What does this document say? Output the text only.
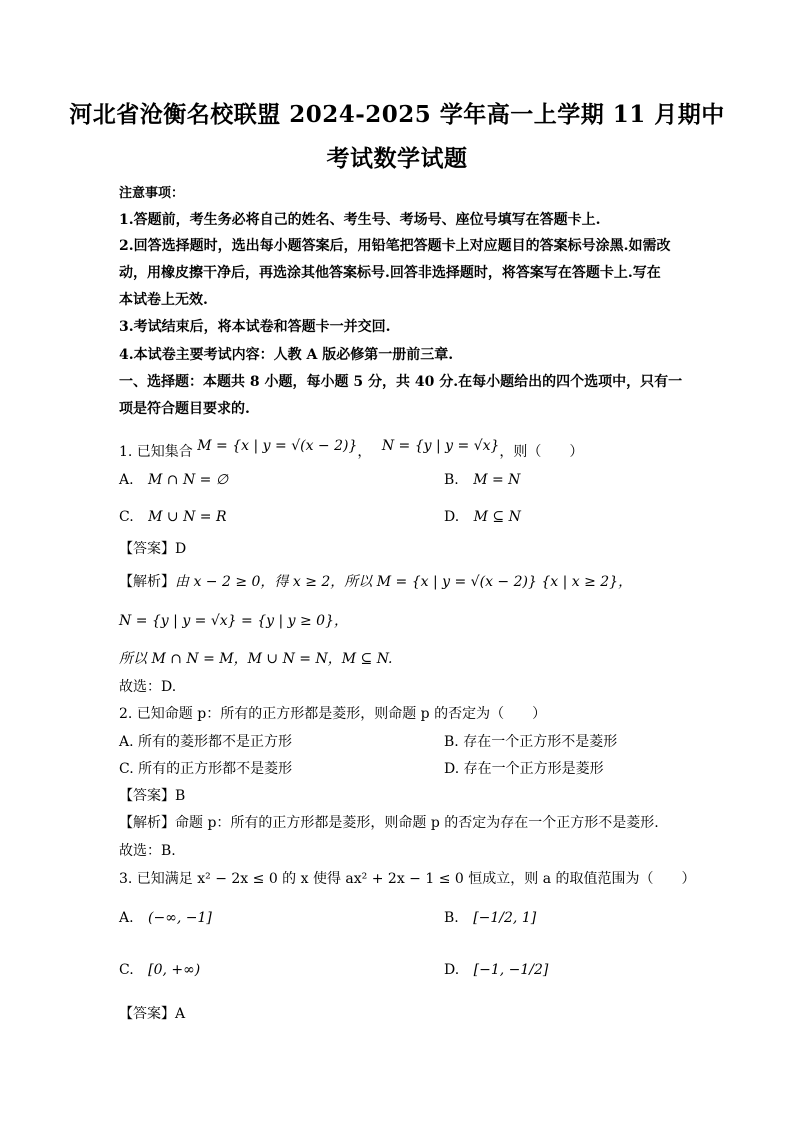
河北省沧衡名校联盟 2024-2025 学年高一上学期 11 月期中
考试数学试题
注意事项：
1.答题前，考生务必将自己的姓名、考生号、考场号、座位号填写在答题卡上.
2.回答选择题时，选出每小题答案后，用铅笔把答题卡上对应题目的答案标号涂黑.如需改
动，用橡皮擦干净后，再选涂其他答案标号.回答非选择题时，将答案写在答题卡上.写在
本试卷上无效.
3.考试结束后，将本试卷和答题卡一并交回.
4.本试卷主要考试内容：人教 A 版必修第一册前三章.
一、选择题：本题共 8 小题，每小题 5 分，共 40 分.在每小题给出的四个选项中，只有一
项是符合题目要求的.
1. 已知集合 M = {x | y = √(x − 2)}， N = {y | y = √x}，则（　　）
A. M ∩ N = ∅	B. M = N
C. M ∪ N = R	D. M ⊆ N
【答案】D
【解析】由 x − 2 ≥ 0，得 x ≥ 2，所以 M = {x | y = √(x − 2)} {x | x ≥ 2}，
N = {y | y = √x} = {y | y ≥ 0}，
所以 M ∩ N = M，M ∪ N = N，M ⊆ N.
故选：D.
2. 已知命题 p：所有的正方形都是菱形，则命题 p 的否定为（　　）
A. 所有的菱形都不是正方形	B. 存在一个正方形不是菱形
C. 所有的正方形都不是菱形	D. 存在一个正方形是菱形
【答案】B
【解析】命题 p：所有的正方形都是菱形，则命题 p 的否定为存在一个正方形不是菱形.
故选：B.
3. 已知满足 x² − 2x ≤ 0 的 x 使得 ax² + 2x − 1 ≤ 0 恒成立，则 a 的取值范围为（　　）
A. (−∞, −1]	B. [−1/2, 1]
C. [0, +∞)	D. [−1, −1/2]
【答案】A
